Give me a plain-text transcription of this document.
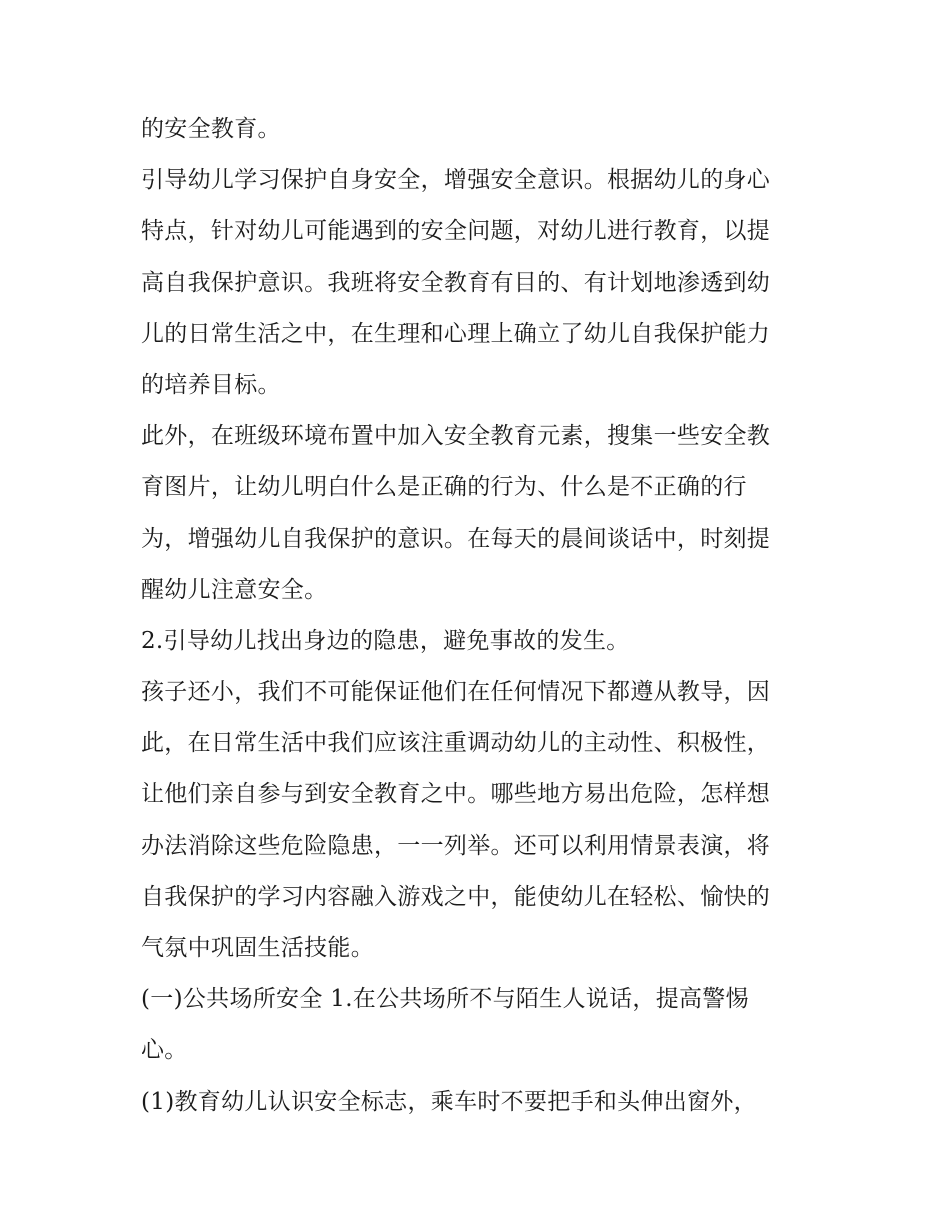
的安全教育。
引导幼儿学习保护自身安全，增强安全意识。根据幼儿的身心
特点，针对幼儿可能遇到的安全问题，对幼儿进行教育，以提
高自我保护意识。我班将安全教育有目的、有计划地渗透到幼
儿的日常生活之中，在生理和心理上确立了幼儿自我保护能力
的培养目标。
此外，在班级环境布置中加入安全教育元素，搜集一些安全教
育图片，让幼儿明白什么是正确的行为、什么是不正确的行
为，增强幼儿自我保护的意识。在每天的晨间谈话中，时刻提
醒幼儿注意安全。
2.引导幼儿找出身边的隐患，避免事故的发生。
孩子还小，我们不可能保证他们在任何情况下都遵从教导，因
此，在日常生活中我们应该注重调动幼儿的主动性、积极性，
让他们亲自参与到安全教育之中。哪些地方易出危险，怎样想
办法消除这些危险隐患，一一列举。还可以利用情景表演，将
自我保护的学习内容融入游戏之中，能使幼儿在轻松、愉快的
气氛中巩固生活技能。
(一)公共场所安全 1.在公共场所不与陌生人说话，提高警惕
心。
(1)教育幼儿认识安全标志，乘车时不要把手和头伸出窗外，
